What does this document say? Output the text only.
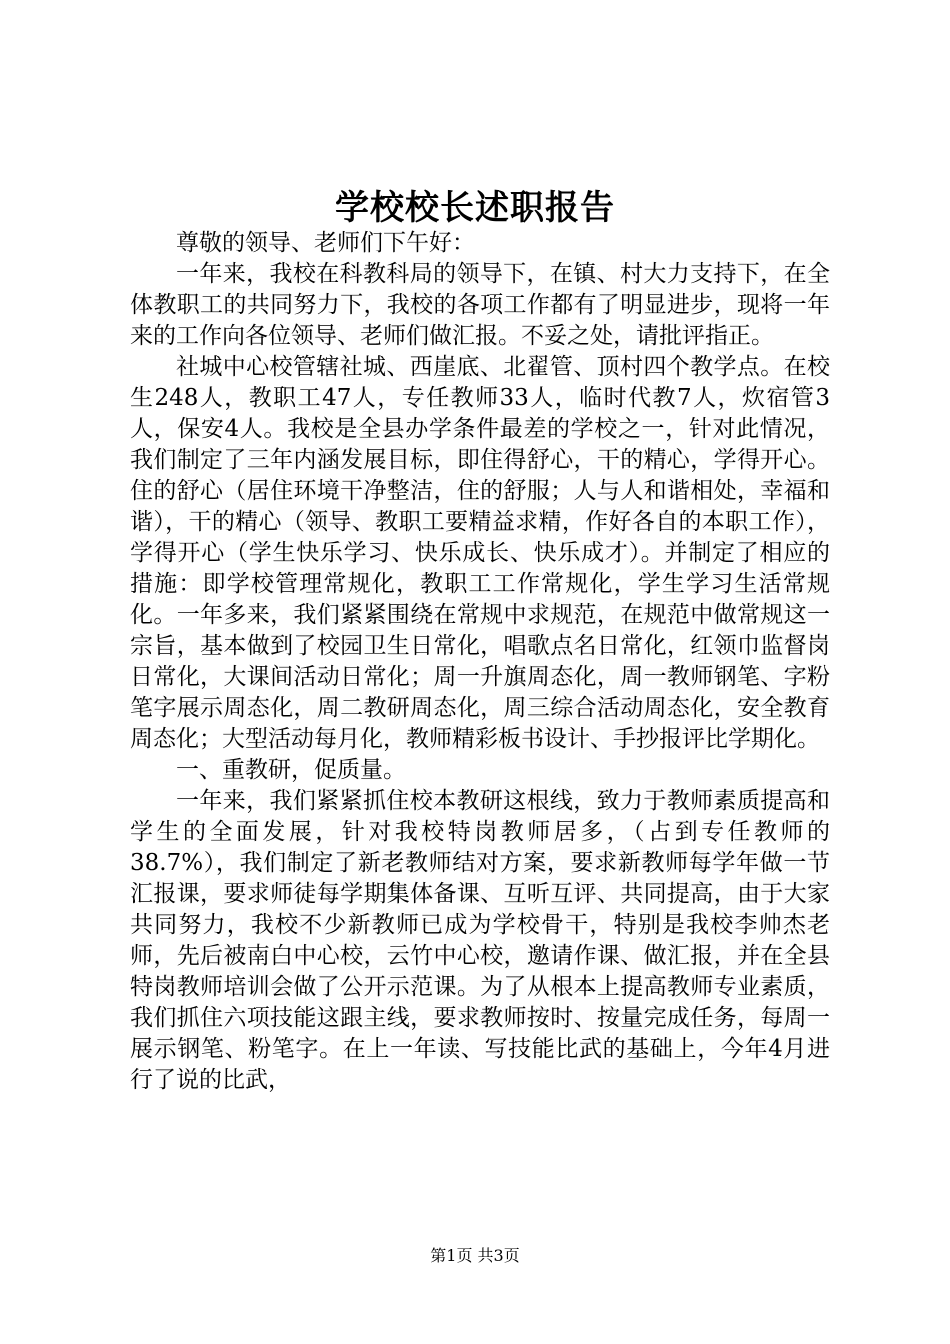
学校校长述职报告

尊敬的领导、老师们下午好：

一年来，我校在科教科局的领导下，在镇、村大力支持下，在全体教职工的共同努力下，我校的各项工作都有了明显进步，现将一年来的工作向各位领导、老师们做汇报。不妥之处，请批评指正。

社城中心校管辖社城、西崖底、北翟管、顶村四个教学点。在校生248人，教职工47人，专任教师33人，临时代教7人，炊宿管3人，保安4人。我校是全县办学条件最差的学校之一，针对此情况，我们制定了三年内涵发展目标，即住得舒心，干的精心，学得开心。住的舒心（居住环境干净整洁，住的舒服；人与人和谐相处，幸福和谐），干的精心（领导、教职工要精益求精，作好各自的本职工作），学得开心（学生快乐学习、快乐成长、快乐成才）。并制定了相应的措施：即学校管理常规化，教职工工作常规化，学生学习生活常规化。一年多来，我们紧紧围绕在常规中求规范，在规范中做常规这一宗旨，基本做到了校园卫生日常化，唱歌点名日常化，红领巾监督岗日常化，大课间活动日常化；周一升旗周态化，周一教师钢笔、字粉笔字展示周态化，周二教研周态化，周三综合活动周态化，安全教育周态化；大型活动每月化，教师精彩板书设计、手抄报评比学期化。

一、重教研，促质量。

一年来，我们紧紧抓住校本教研这根线，致力于教师素质提高和学生的全面发展，针对我校特岗教师居多，（占到专任教师的38.7%），我们制定了新老教师结对方案，要求新教师每学年做一节汇报课，要求师徒每学期集体备课、互听互评、共同提高，由于大家共同努力，我校不少新教师已成为学校骨干，特别是我校李帅杰老师，先后被南白中心校，云竹中心校，邀请作课、做汇报，并在全县特岗教师培训会做了公开示范课。为了从根本上提高教师专业素质，我们抓住六项技能这跟主线，要求教师按时、按量完成任务，每周一展示钢笔、粉笔字。在上一年读、写技能比武的基础上，今年4月进行了说的比武，

第1页 共3页
